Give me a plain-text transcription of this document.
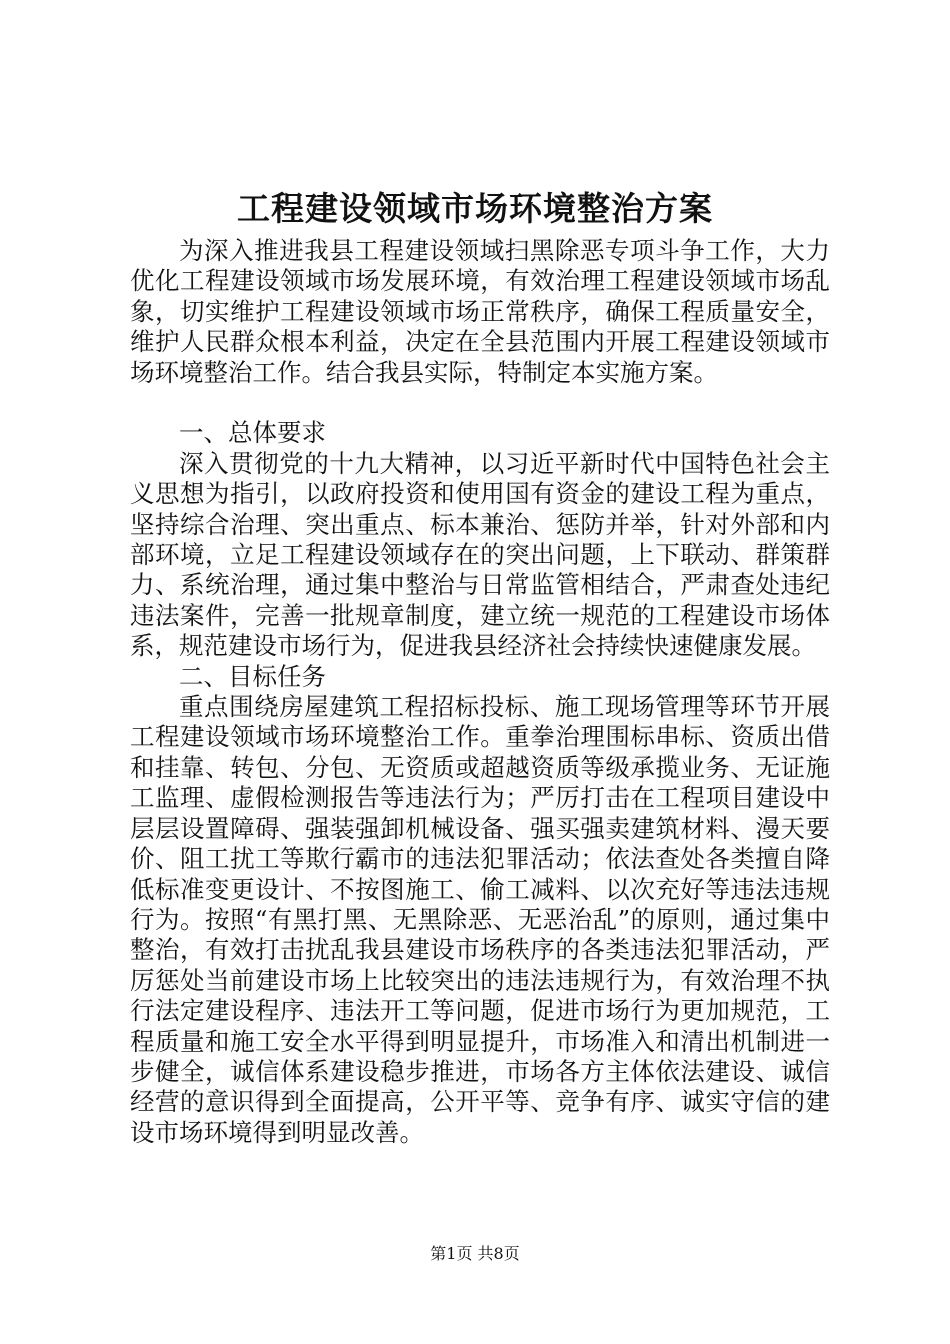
工程建设领域市场环境整治方案

为深入推进我县工程建设领域扫黑除恶专项斗争工作，大力优化工程建设领域市场发展环境，有效治理工程建设领域市场乱象，切实维护工程建设领域市场正常秩序，确保工程质量安全，维护人民群众根本利益，决定在全县范围内开展工程建设领域市场环境整治工作。结合我县实际，特制定本实施方案。

一、总体要求

深入贯彻党的十九大精神，以习近平新时代中国特色社会主义思想为指引，以政府投资和使用国有资金的建设工程为重点，坚持综合治理、突出重点、标本兼治、惩防并举，针对外部和内部环境，立足工程建设领域存在的突出问题，上下联动、群策群力、系统治理，通过集中整治与日常监管相结合，严肃查处违纪违法案件，完善一批规章制度，建立统一规范的工程建设市场体系，规范建设市场行为，促进我县经济社会持续快速健康发展。

二、目标任务

重点围绕房屋建筑工程招标投标、施工现场管理等环节开展工程建设领域市场环境整治工作。重拳治理围标串标、资质出借和挂靠、转包、分包、无资质或超越资质等级承揽业务、无证施工监理、虚假检测报告等违法行为；严厉打击在工程项目建设中层层设置障碍、强装强卸机械设备、强买强卖建筑材料、漫天要价、阻工扰工等欺行霸市的违法犯罪活动；依法查处各类擅自降低标准变更设计、不按图施工、偷工减料、以次充好等违法违规行为。按照“有黑打黑、无黑除恶、无恶治乱”的原则，通过集中整治，有效打击扰乱我县建设市场秩序的各类违法犯罪活动，严厉惩处当前建设市场上比较突出的违法违规行为，有效治理不执行法定建设程序、违法开工等问题，促进市场行为更加规范，工程质量和施工安全水平得到明显提升，市场准入和清出机制进一步健全，诚信体系建设稳步推进，市场各方主体依法建设、诚信经营的意识得到全面提高，公开平等、竞争有序、诚实守信的建设市场环境得到明显改善。

第1页 共8页
